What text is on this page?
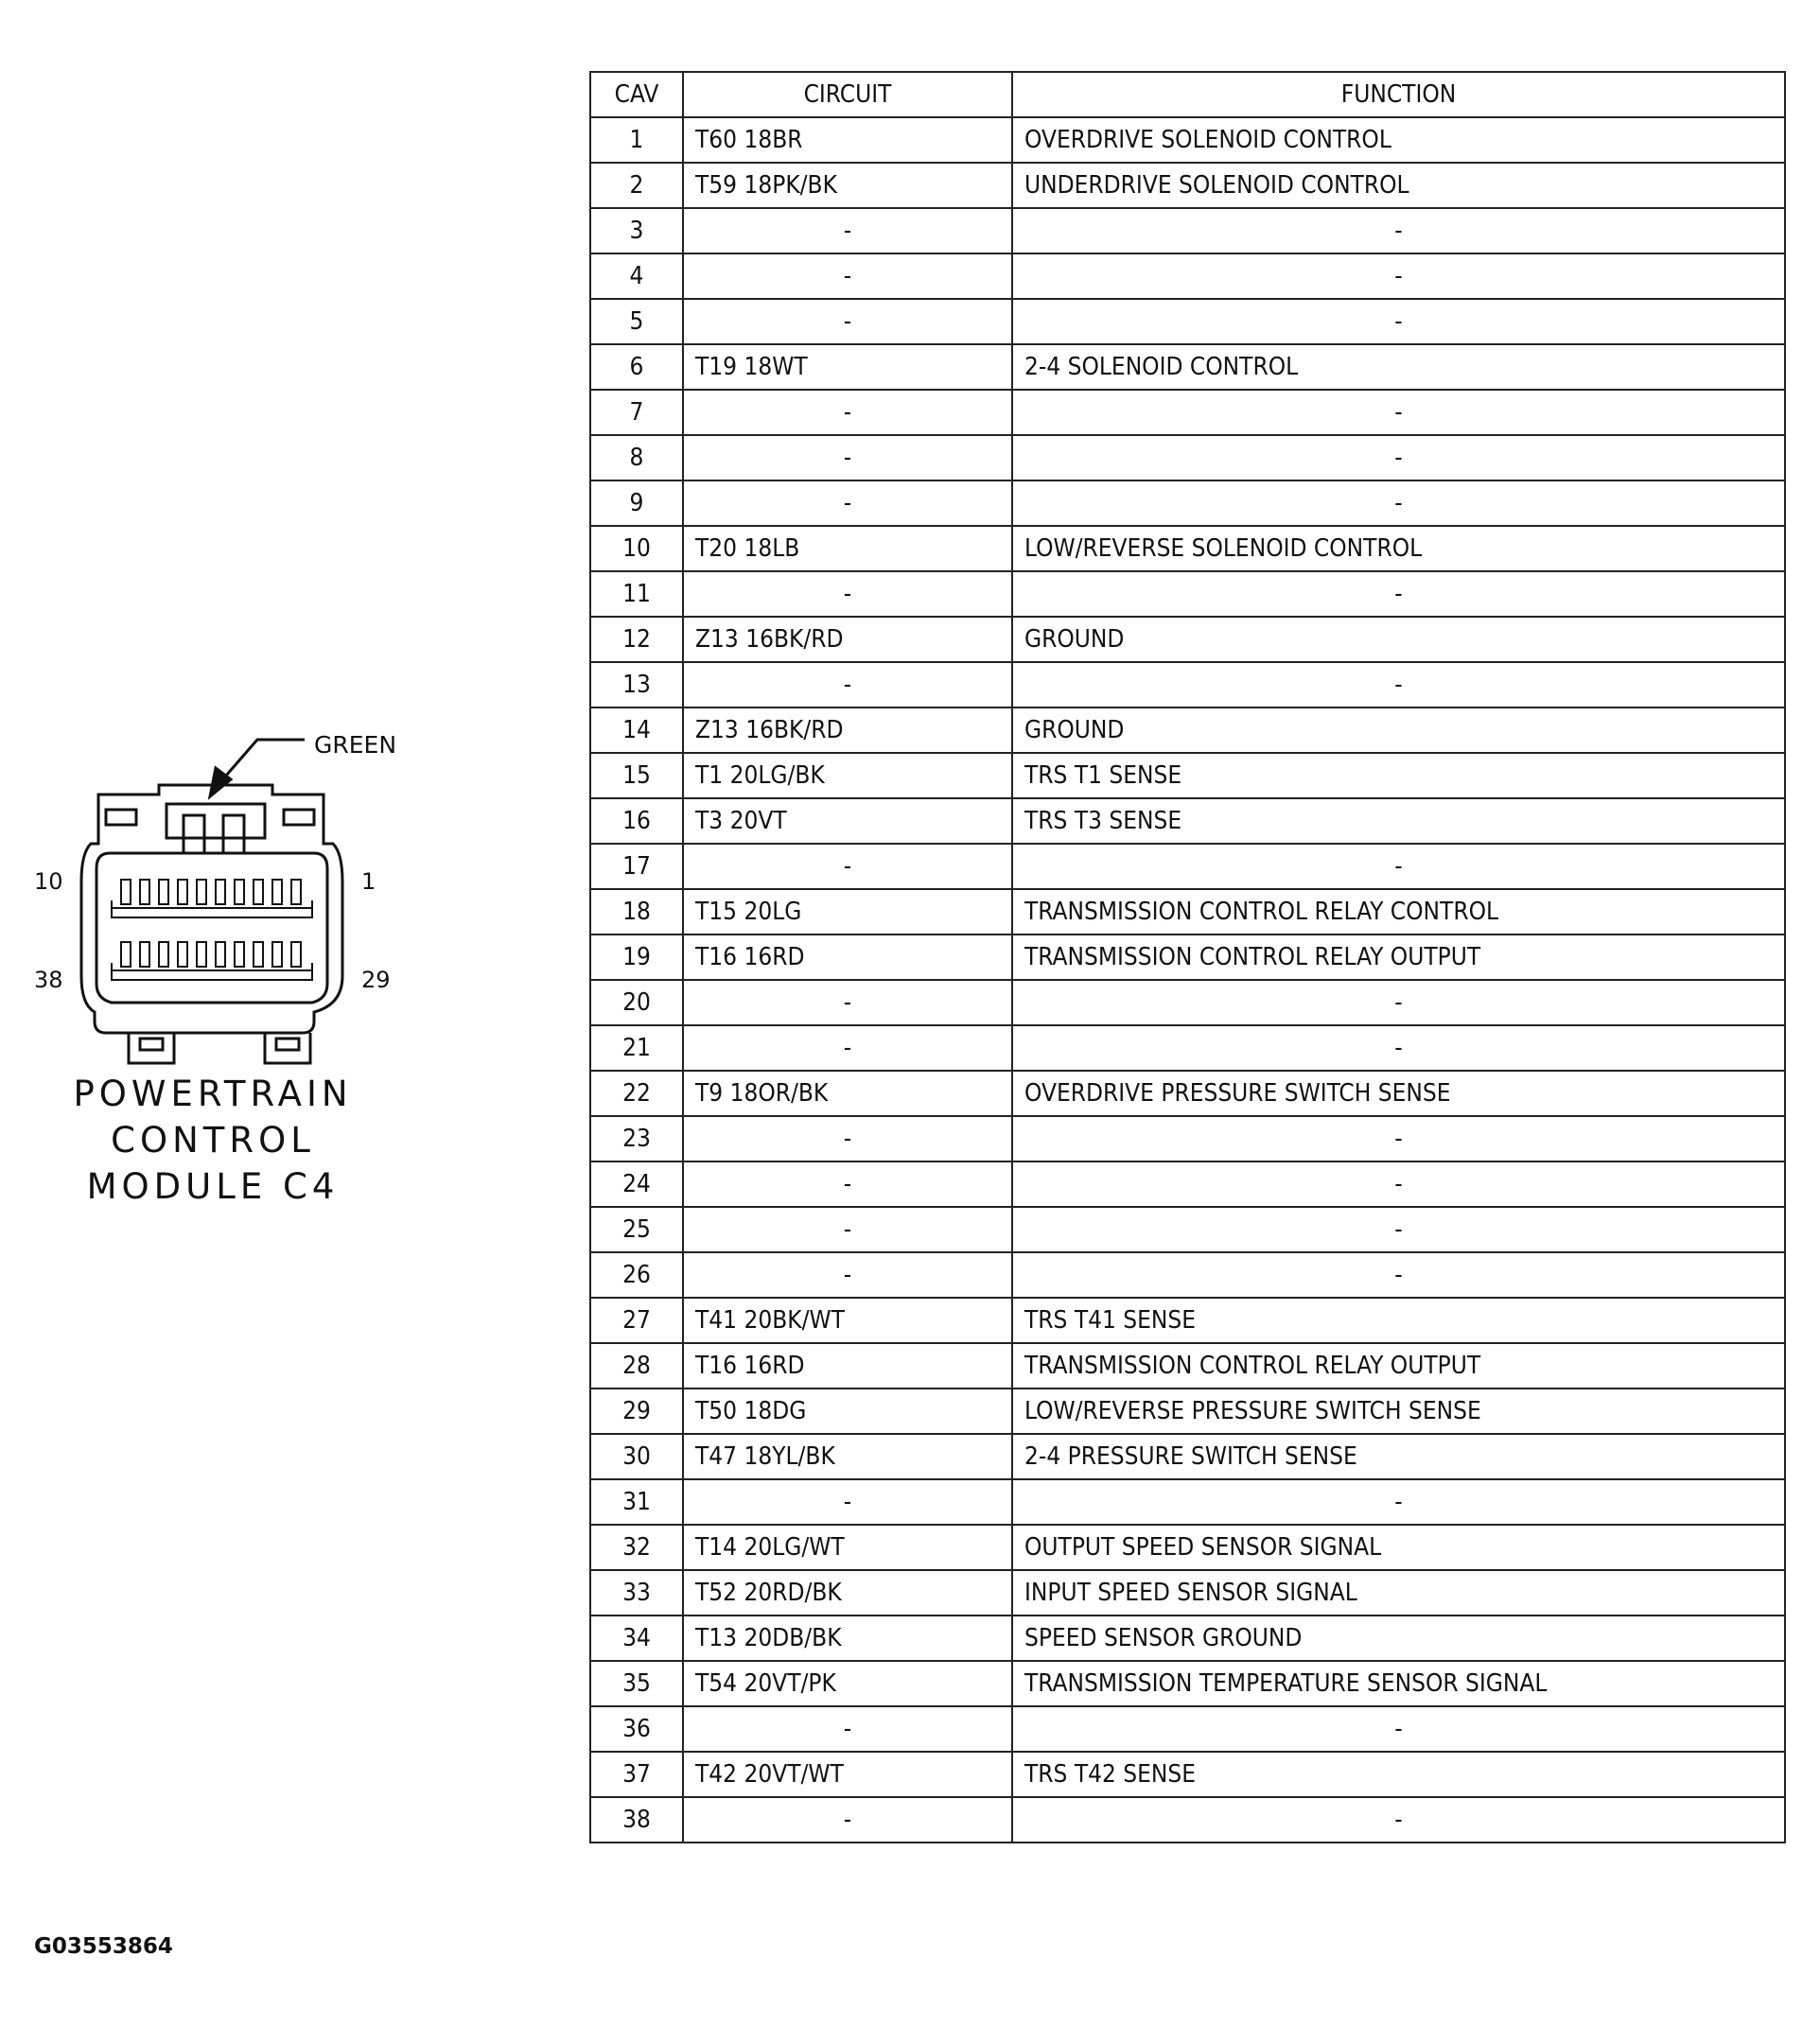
GREEN
10	1
38	29
POWERTRAIN
CONTROL
MODULE C4
CAV	CIRCUIT	FUNCTION
1	T60 18BR	OVERDRIVE SOLENOID CONTROL
2	T59 18PK/BK	UNDERDRIVE SOLENOID CONTROL
3	-	-
4	-	-
5	-	-
6	T19 18WT	2-4 SOLENOID CONTROL
7	-	-
8	-	-
9	-	-
10	T20 18LB	LOW/REVERSE SOLENOID CONTROL
11	-	-
12	Z13 16BK/RD	GROUND
13	-	-
14	Z13 16BK/RD	GROUND
15	T1 20LG/BK	TRS T1 SENSE
16	T3 20VT	TRS T3 SENSE
17	-	-
18	T15 20LG	TRANSMISSION CONTROL RELAY CONTROL
19	T16 16RD	TRANSMISSION CONTROL RELAY OUTPUT
20	-	-
21	-	-
22	T9 18OR/BK	OVERDRIVE PRESSURE SWITCH SENSE
23	-	-
24	-	-
25	-	-
26	-	-
27	T41 20BK/WT	TRS T41 SENSE
28	T16 16RD	TRANSMISSION CONTROL RELAY OUTPUT
29	T50 18DG	LOW/REVERSE PRESSURE SWITCH SENSE
30	T47 18YL/BK	2-4 PRESSURE SWITCH SENSE
31	-	-
32	T14 20LG/WT	OUTPUT SPEED SENSOR SIGNAL
33	T52 20RD/BK	INPUT SPEED SENSOR SIGNAL
34	T13 20DB/BK	SPEED SENSOR GROUND
35	T54 20VT/PK	TRANSMISSION TEMPERATURE SENSOR SIGNAL
36	-	-
37	T42 20VT/WT	TRS T42 SENSE
38	-	-
G03553864
